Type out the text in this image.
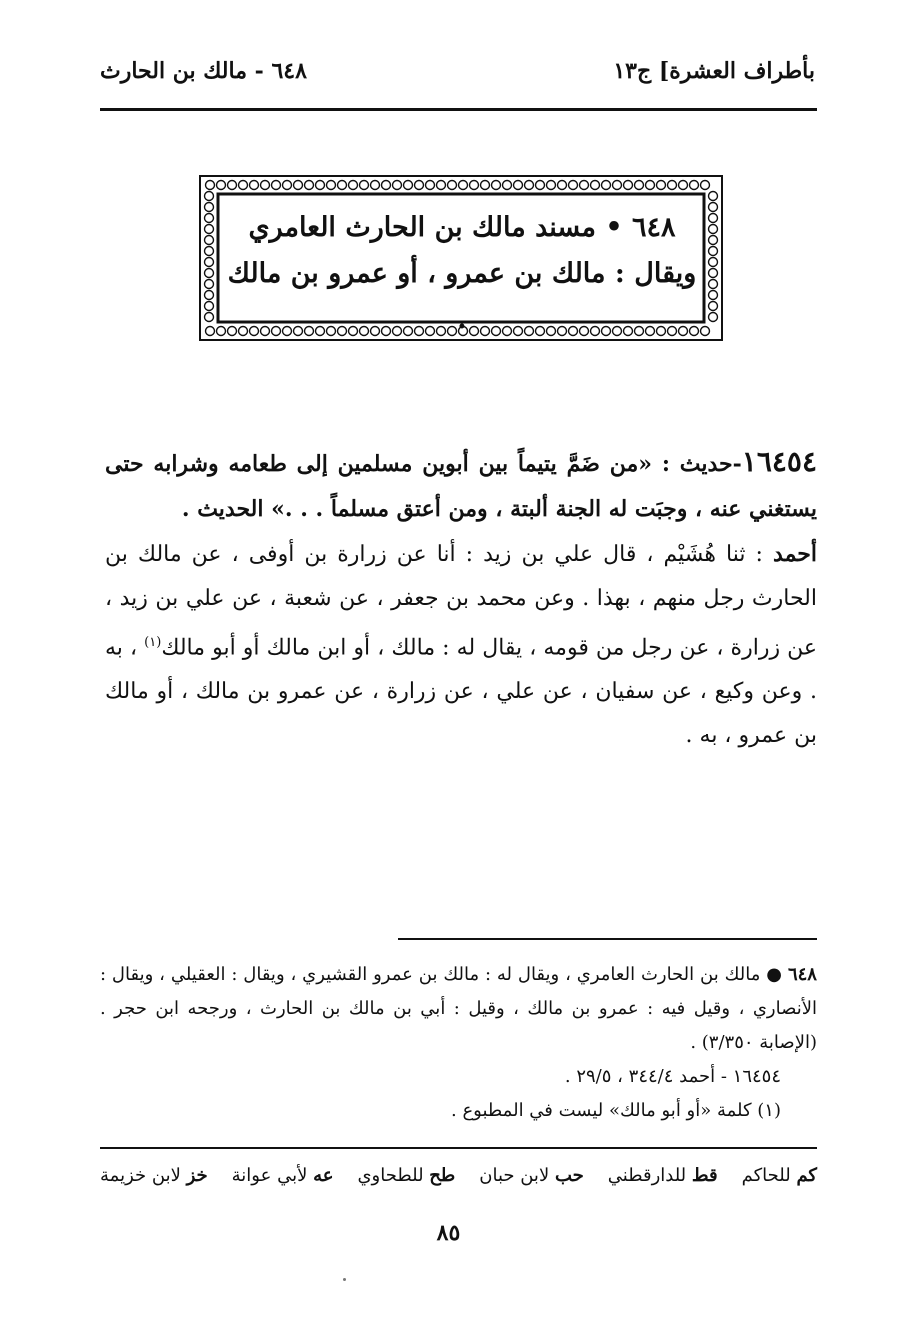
بأطراف العشرة] ج١٣
٦٤٨ - مالك بن الحارث
٦٤٨ • مسند مالك بن الحارث العامري
ويقال : مالك بن عمرو ، أو عمرو بن مالك .

١٦٤٥٤-حديث : «من ضَمَّ يتيماً بين أبوين مسلمين إلى طعامه وشرابه حتى يستغني عنه ، وجبَت له الجنة ألبتة ، ومن أعتق مسلماً . . .» الحديث .

أحمد : ثنا هُشَيْم ، قال علي بن زيد : أنا عن زرارة بن أوفى ، عن مالك بن الحارث رجل منهم ، بهذا . وعن محمد بن جعفر ، عن شعبة ، عن علي بن زيد ، عن زرارة ، عن رجل من قومه ، يقال له : مالك ، أو ابن مالك أو أبو مالك$^{(١)}$ ، به . وعن وكيع ، عن سفيان ، عن علي ، عن زرارة ، عن عمرو بن مالك ، أو مالك بن عمرو ، به .

٦٤٨ ● مالك بن الحارث العامري ، ويقال له : مالك بن عمرو القشيري ، ويقال : العقيلي ، ويقال : الأنصاري ، وقيل فيه : عمرو بن مالك ، وقيل : أبي بن مالك بن الحارث ، ورجحه ابن حجر . (الإصابة ٣/٣٥٠) .

١٦٤٥٤ - أحمد ٣٤٤/٤ ، ٢٩/٥ .

(١) كلمة «أو أبو مالك» ليست في المطبوع .

خز لابن خزيمة	عه لأبي عوانة	طح للطحاوي	حب لابن حبان	قط للدارقطني	كم للحاكم
٨٥
